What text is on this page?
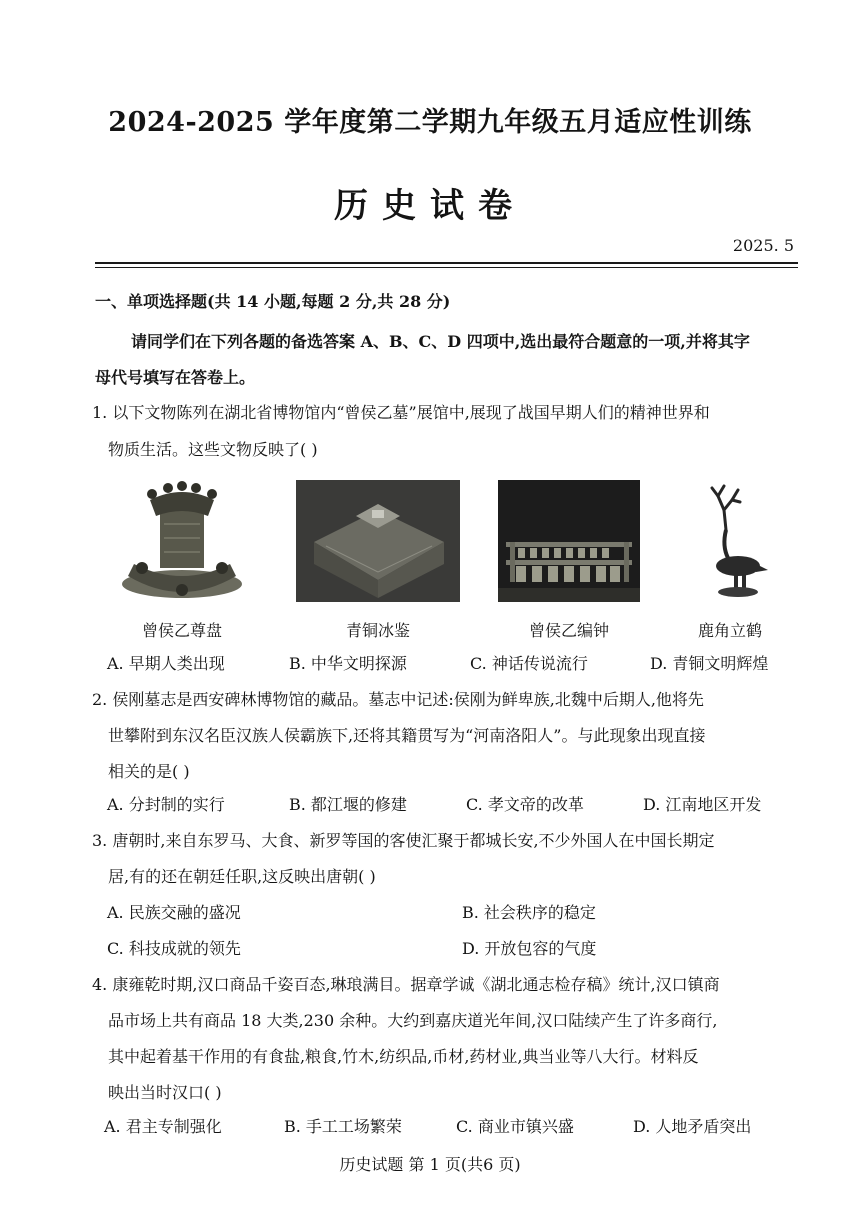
2024-2025 学年度第二学期九年级五月适应性训练
历史试卷
2025. 5
一、单项选择题(共 14 小题,每题 2 分,共 28 分)
请同学们在下列各题的备选答案 A、B、C、D 四项中,选出最符合题意的一项,并将其字
母代号填写在答卷上。
1. 以下文物陈列在湖北省博物馆内“曾侯乙墓”展馆中,展现了战国早期人们的精神世界和
物质生活。这些文物反映了( )
曾侯乙尊盘	青铜冰鉴	曾侯乙编钟	鹿角立鹤
A. 早期人类出现	B. 中华文明探源	C. 神话传说流行	D. 青铜文明辉煌
2. 侯刚墓志是西安碑林博物馆的藏品。墓志中记述:侯刚为鲜卑族,北魏中后期人,他将先
世攀附到东汉名臣汉族人侯霸族下,还将其籍贯写为“河南洛阳人”。与此现象出现直接
相关的是( )
A. 分封制的实行	B. 都江堰的修建	C. 孝文帝的改革	D. 江南地区开发
3. 唐朝时,来自东罗马、大食、新罗等国的客使汇聚于都城长安,不少外国人在中国长期定
居,有的还在朝廷任职,这反映出唐朝( )
A. 民族交融的盛况	B. 社会秩序的稳定
C. 科技成就的领先	D. 开放包容的气度
4. 康雍乾时期,汉口商品千姿百态,琳琅满目。据章学诚《湖北通志检存稿》统计,汉口镇商
品市场上共有商品 18 大类,230 余种。大约到嘉庆道光年间,汉口陆续产生了许多商行,
其中起着基干作用的有食盐,粮食,竹木,纺织品,币材,药材业,典当业等八大行。材料反
映出当时汉口( )
A. 君主专制强化	B. 手工工场繁荣	C. 商业市镇兴盛	D. 人地矛盾突出
历史试题 第 1 页(共6 页)
